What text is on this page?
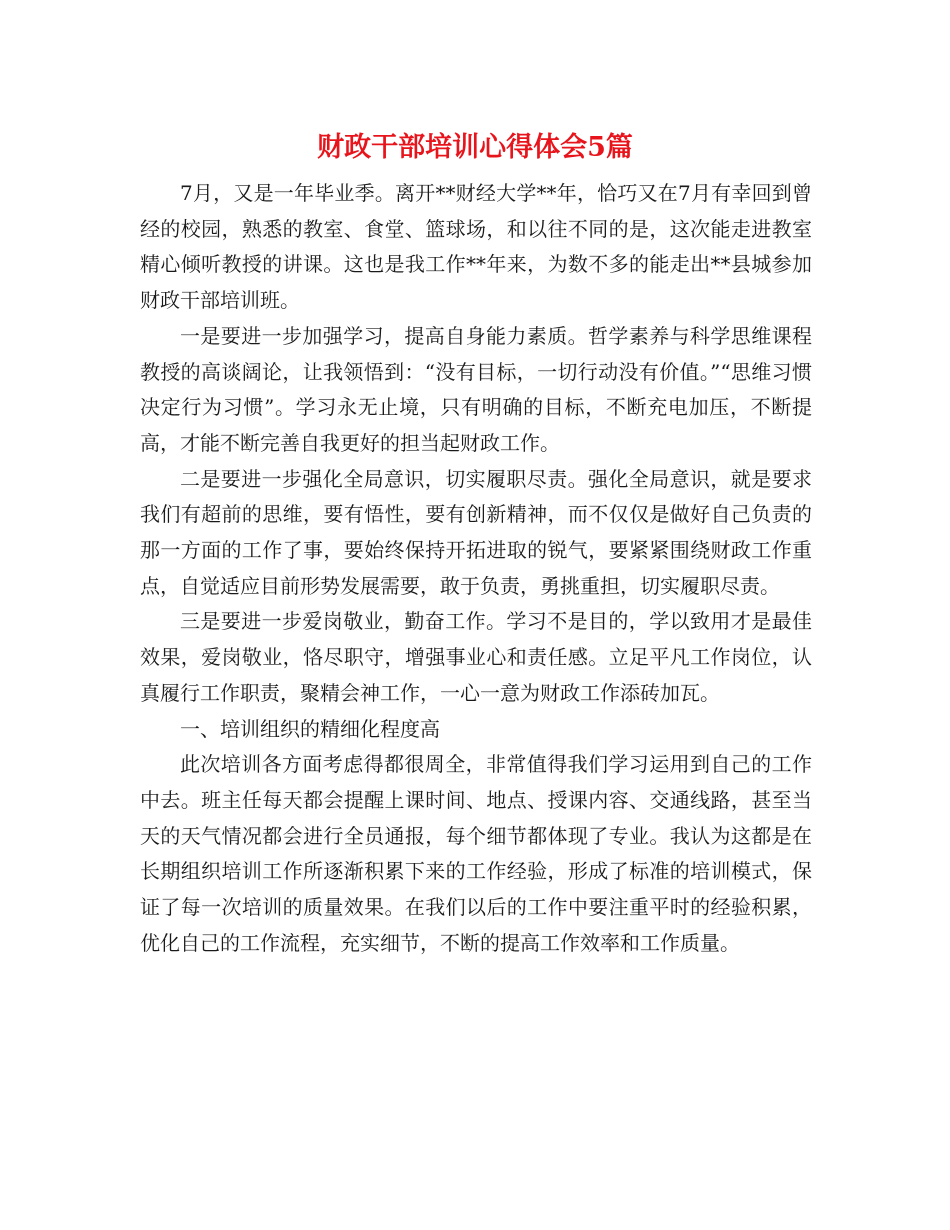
财政干部培训心得体会5篇

7月，又是一年毕业季。离开**财经大学**年，恰巧又在7月有幸回到曾经的校园，熟悉的教室、食堂、篮球场，和以往不同的是，这次能走进教室精心倾听教授的讲课。这也是我工作**年来，为数不多的能走出**县城参加财政干部培训班。

一是要进一步加强学习，提高自身能力素质。哲学素养与科学思维课程教授的高谈阔论，让我领悟到：“没有目标，一切行动没有价值。”“思维习惯决定行为习惯”。学习永无止境，只有明确的目标，不断充电加压，不断提高，才能不断完善自我更好的担当起财政工作。

二是要进一步强化全局意识，切实履职尽责。强化全局意识，就是要求我们有超前的思维，要有悟性，要有创新精神，而不仅仅是做好自己负责的那一方面的工作了事，要始终保持开拓进取的锐气，要紧紧围绕财政工作重点，自觉适应目前形势发展需要，敢于负责，勇挑重担，切实履职尽责。

三是要进一步爱岗敬业，勤奋工作。学习不是目的，学以致用才是最佳效果，爱岗敬业，恪尽职守，增强事业心和责任感。立足平凡工作岗位，认真履行工作职责，聚精会神工作，一心一意为财政工作添砖加瓦。

一、培训组织的精细化程度高

此次培训各方面考虑得都很周全，非常值得我们学习运用到自己的工作中去。班主任每天都会提醒上课时间、地点、授课内容、交通线路，甚至当天的天气情况都会进行全员通报，每个细节都体现了专业。我认为这都是在长期组织培训工作所逐渐积累下来的工作经验，形成了标准的培训模式，保证了每一次培训的质量效果。在我们以后的工作中要注重平时的经验积累，优化自己的工作流程，充实细节，不断的提高工作效率和工作质量。
